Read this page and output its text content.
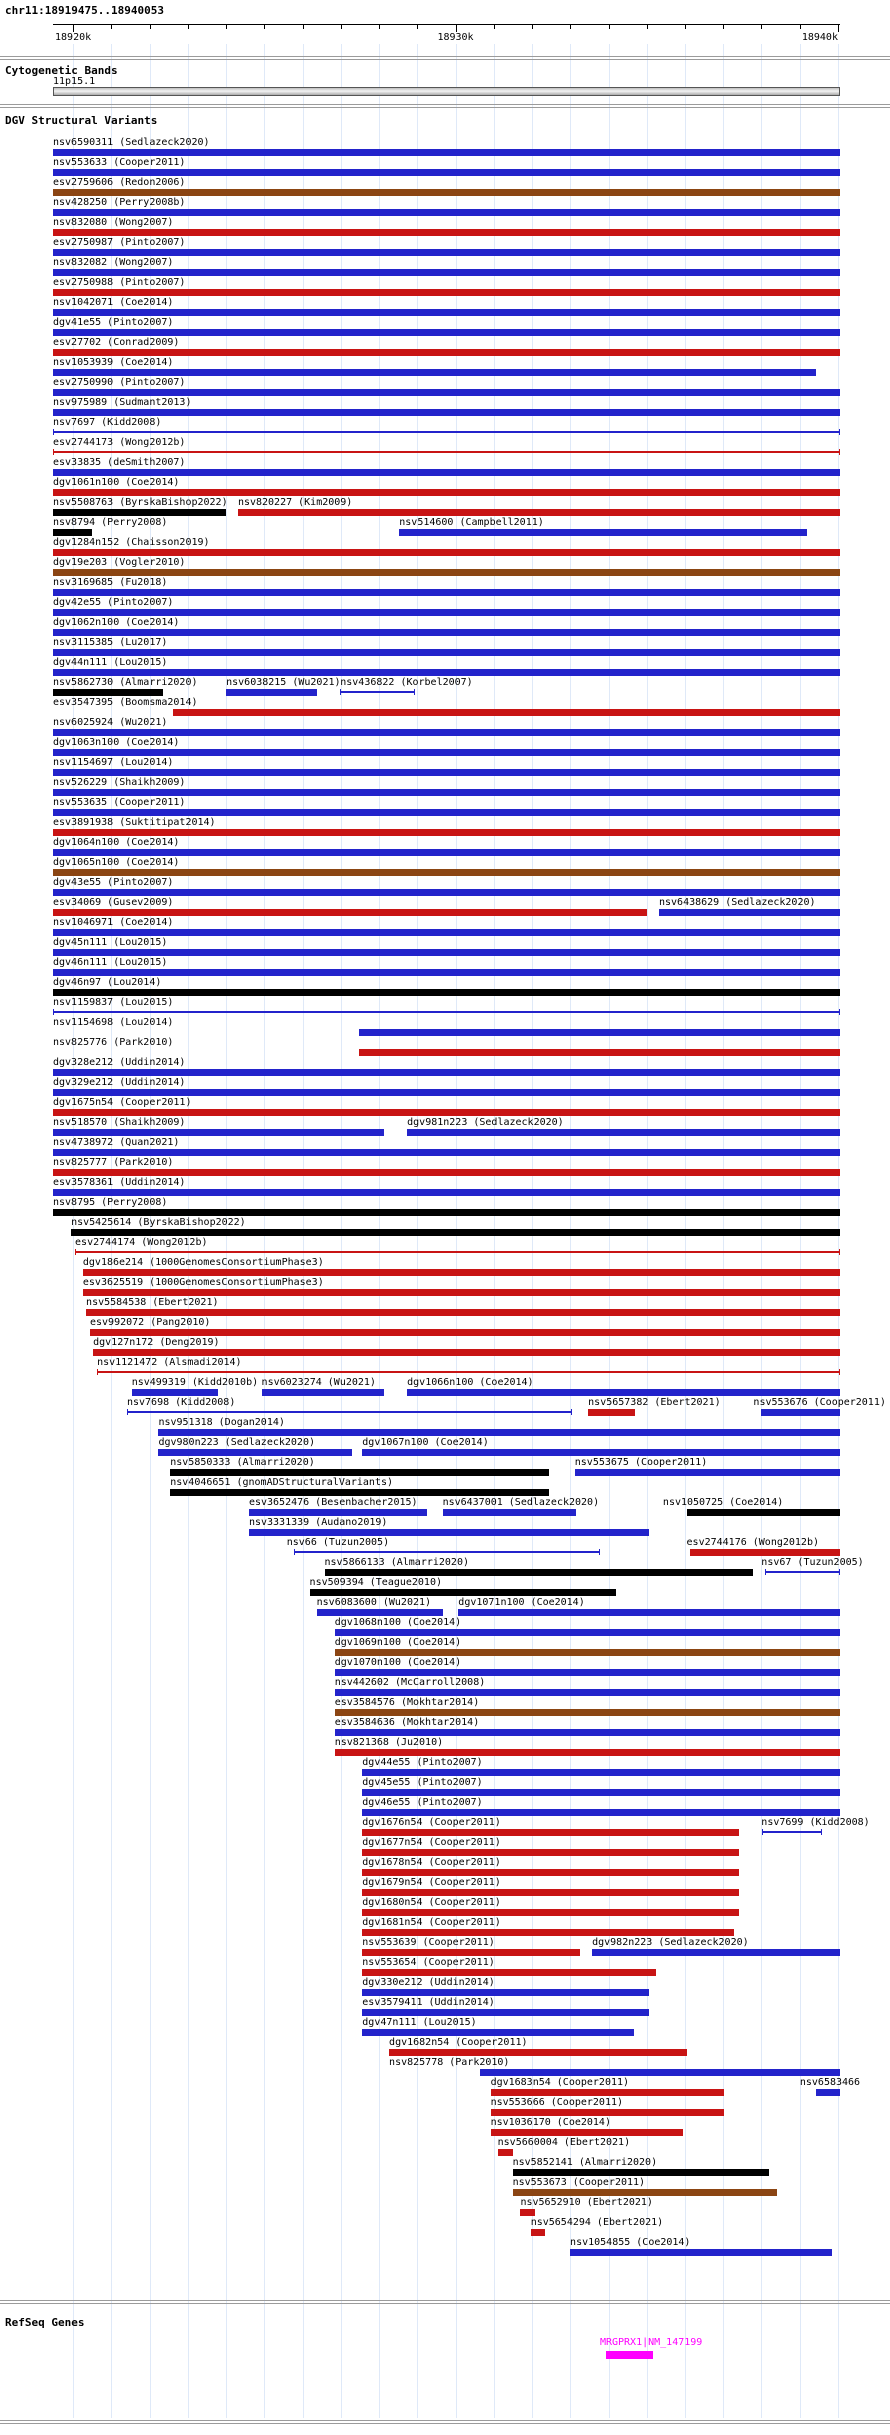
chr11:18919475..18940053
18920k	18930k	18940k
Cytogenetic Bands
11p15.1
DGV Structural Variants
nsv6590311 (Sedlazeck2020)
nsv553633 (Cooper2011)
esv2759606 (Redon2006)
nsv428250 (Perry2008b)
nsv832080 (Wong2007)
esv2750987 (Pinto2007)
nsv832082 (Wong2007)
esv2750988 (Pinto2007)
nsv1042071 (Coe2014)
dgv41e55 (Pinto2007)
esv27702 (Conrad2009)
nsv1053939 (Coe2014)
esv2750990 (Pinto2007)
nsv975989 (Sudmant2013)
nsv7697 (Kidd2008)
esv2744173 (Wong2012b)
esv33835 (deSmith2007)
dgv1061n100 (Coe2014)
nsv5508763 (ByrskaBishop2022) nsv820227 (Kim2009)
nsv8794 (Perry2008)	nsv514600 (Campbell2011)
dgv1284n152 (Chaisson2019)
dgv19e203 (Vogler2010)
nsv3169685 (Fu2018)
dgv42e55 (Pinto2007)
dgv1062n100 (Coe2014)
nsv3115385 (Lu2017)
dgv44n111 (Lou2015)
nsv5862730 (Almarri2020)	nsv6038215 (Wu2021) nsv436822 (Korbel2007)
esv3547395 (Boomsma2014)
nsv6025924 (Wu2021)
dgv1063n100 (Coe2014)
nsv1154697 (Lou2014)
nsv526229 (Shaikh2009)
nsv553635 (Cooper2011)
esv3891938 (Suktitipat2014)
dgv1064n100 (Coe2014)
dgv1065n100 (Coe2014)
dgv43e55 (Pinto2007)
esv34069 (Gusev2009)	nsv6438629 (Sedlazeck2020)
nsv1046971 (Coe2014)
dgv45n111 (Lou2015)
dgv46n111 (Lou2015)
dgv46n97 (Lou2014)
nsv1159837 (Lou2015)
nsv1154698 (Lou2014)
nsv825776 (Park2010)
dgv328e212 (Uddin2014)
dgv329e212 (Uddin2014)
dgv1675n54 (Cooper2011)
nsv518570 (Shaikh2009)	dgv981n223 (Sedlazeck2020)
nsv4738972 (Quan2021)
nsv825777 (Park2010)
esv3578361 (Uddin2014)
nsv8795 (Perry2008)
nsv5425614 (ByrskaBishop2022)
esv2744174 (Wong2012b)
dgv186e214 (1000GenomesConsortiumPhase3)
esv3625519 (1000GenomesConsortiumPhase3)
nsv5584538 (Ebert2021)
esv992072 (Pang2010)
dgv127n172 (Deng2019)
nsv1121472 (Alsmadi2014)
nsv499319 (Kidd2010b) nsv6023274 (Wu2021)	dgv1066n100 (Coe2014)
nsv7698 (Kidd2008)	nsv5657382 (Ebert2021)	nsv553676 (Cooper2011)
nsv951318 (Dogan2014)
dgv980n223 (Sedlazeck2020)	dgv1067n100 (Coe2014)
nsv5850333 (Almarri2020)	nsv553675 (Cooper2011)
nsv4046651 (gnomADStructuralVariants)
esv3652476 (Besenbacher2015)	nsv6437001 (Sedlazeck2020)	nsv1050725 (Coe2014)
nsv3331339 (Audano2019)
nsv66 (Tuzun2005)	esv2744176 (Wong2012b)
nsv5866133 (Almarri2020)	nsv67 (Tuzun2005)
nsv509394 (Teague2010)
nsv6083600 (Wu2021)	dgv1071n100 (Coe2014)
dgv1068n100 (Coe2014)
dgv1069n100 (Coe2014)
dgv1070n100 (Coe2014)
nsv442602 (McCarroll2008)
esv3584576 (Mokhtar2014)
esv3584636 (Mokhtar2014)
nsv821368 (Ju2010)
dgv44e55 (Pinto2007)
dgv45e55 (Pinto2007)
dgv46e55 (Pinto2007)
dgv1676n54 (Cooper2011)	nsv7699 (Kidd2008)
dgv1677n54 (Cooper2011)
dgv1678n54 (Cooper2011)
dgv1679n54 (Cooper2011)
dgv1680n54 (Cooper2011)
dgv1681n54 (Cooper2011)
nsv553639 (Cooper2011)	dgv982n223 (Sedlazeck2020)
nsv553654 (Cooper2011)
dgv330e212 (Uddin2014)
esv3579411 (Uddin2014)
dgv47n111 (Lou2015)
dgv1682n54 (Cooper2011)
nsv825778 (Park2010)
dgv1683n54 (Cooper2011)	nsv6583466
nsv553666 (Cooper2011)
nsv1036170 (Coe2014)
nsv5660004 (Ebert2021)
nsv5852141 (Almarri2020)
nsv553673 (Cooper2011)
nsv5652910 (Ebert2021)
nsv5654294 (Ebert2021)
nsv1054855 (Coe2014)
RefSeq Genes
MRGPRX1|NM_147199
